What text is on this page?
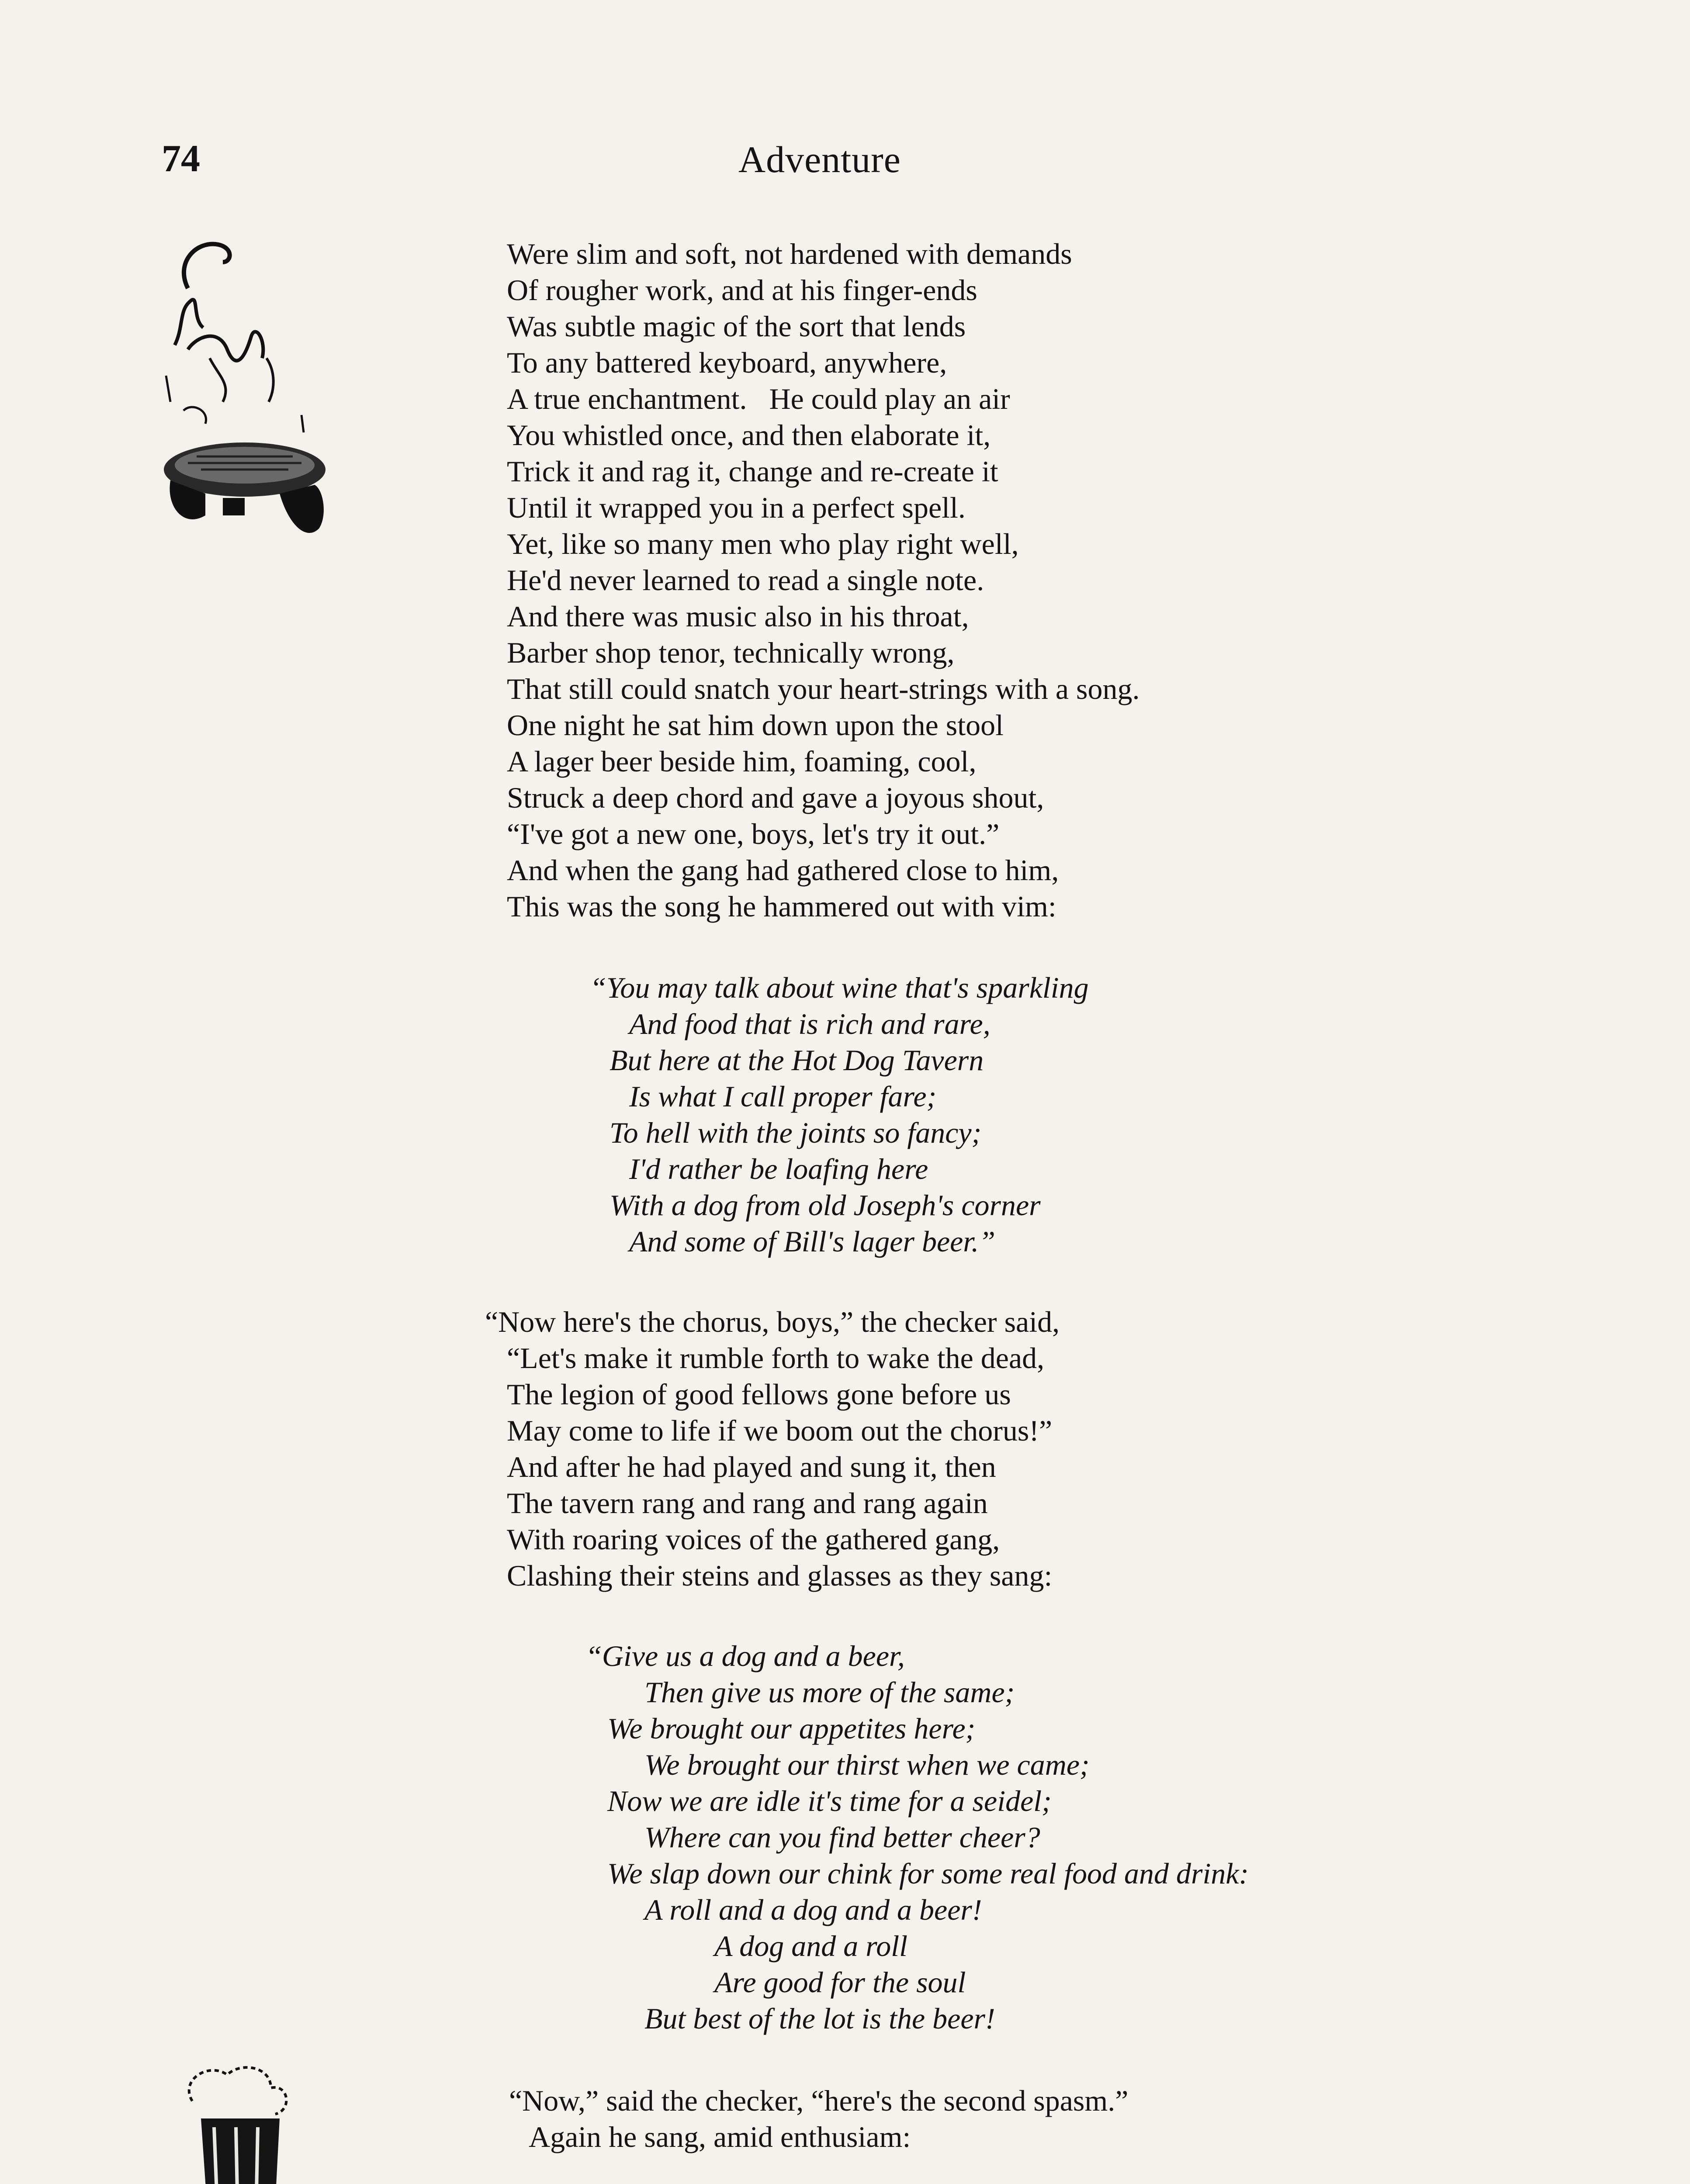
74	Adventure
Were slim and soft, not hardened with demands
Of rougher work, and at his finger-ends
Was subtle magic of the sort that lends
To any battered keyboard, anywhere,
A true enchantment.   He could play an air
You whistled once, and then elaborate it,
Trick it and rag it, change and re-create it
Until it wrapped you in a perfect spell.
Yet, like so many men who play right well,
He'd never learned to read a single note.
And there was music also in his throat,
Barber shop tenor, technically wrong,
That still could snatch your heart-strings with a song.
One night he sat him down upon the stool
A lager beer beside him, foaming, cool,
Struck a deep chord and gave a joyous shout,
“I've got a new one, boys, let's try it out.”
And when the gang had gathered close to him,
This was the song he hammered out with vim:
“You may talk about wine that's sparkling
And food that is rich and rare,
But here at the Hot Dog Tavern
Is what I call proper fare;
To hell with the joints so fancy;
I'd rather be loafing here
With a dog from old Joseph's corner
And some of Bill's lager beer.”
“Now here's the chorus, boys,” the checker said,
“Let's make it rumble forth to wake the dead,
The legion of good fellows gone before us
May come to life if we boom out the chorus!”
And after he had played and sung it, then
The tavern rang and rang and rang again
With roaring voices of the gathered gang,
Clashing their steins and glasses as they sang:
“Give us a dog and a beer,
Then give us more of the same;
We brought our appetites here;
We brought our thirst when we came;
Now we are idle it's time for a seidel;
Where can you find better cheer?
We slap down our chink for some real food and drink:
A roll and a dog and a beer!
A dog and a roll
Are good for the soul
But best of the lot is the beer!
“Now,” said the checker, “here's the second spasm.”
Again he sang, amid enthusiam:
